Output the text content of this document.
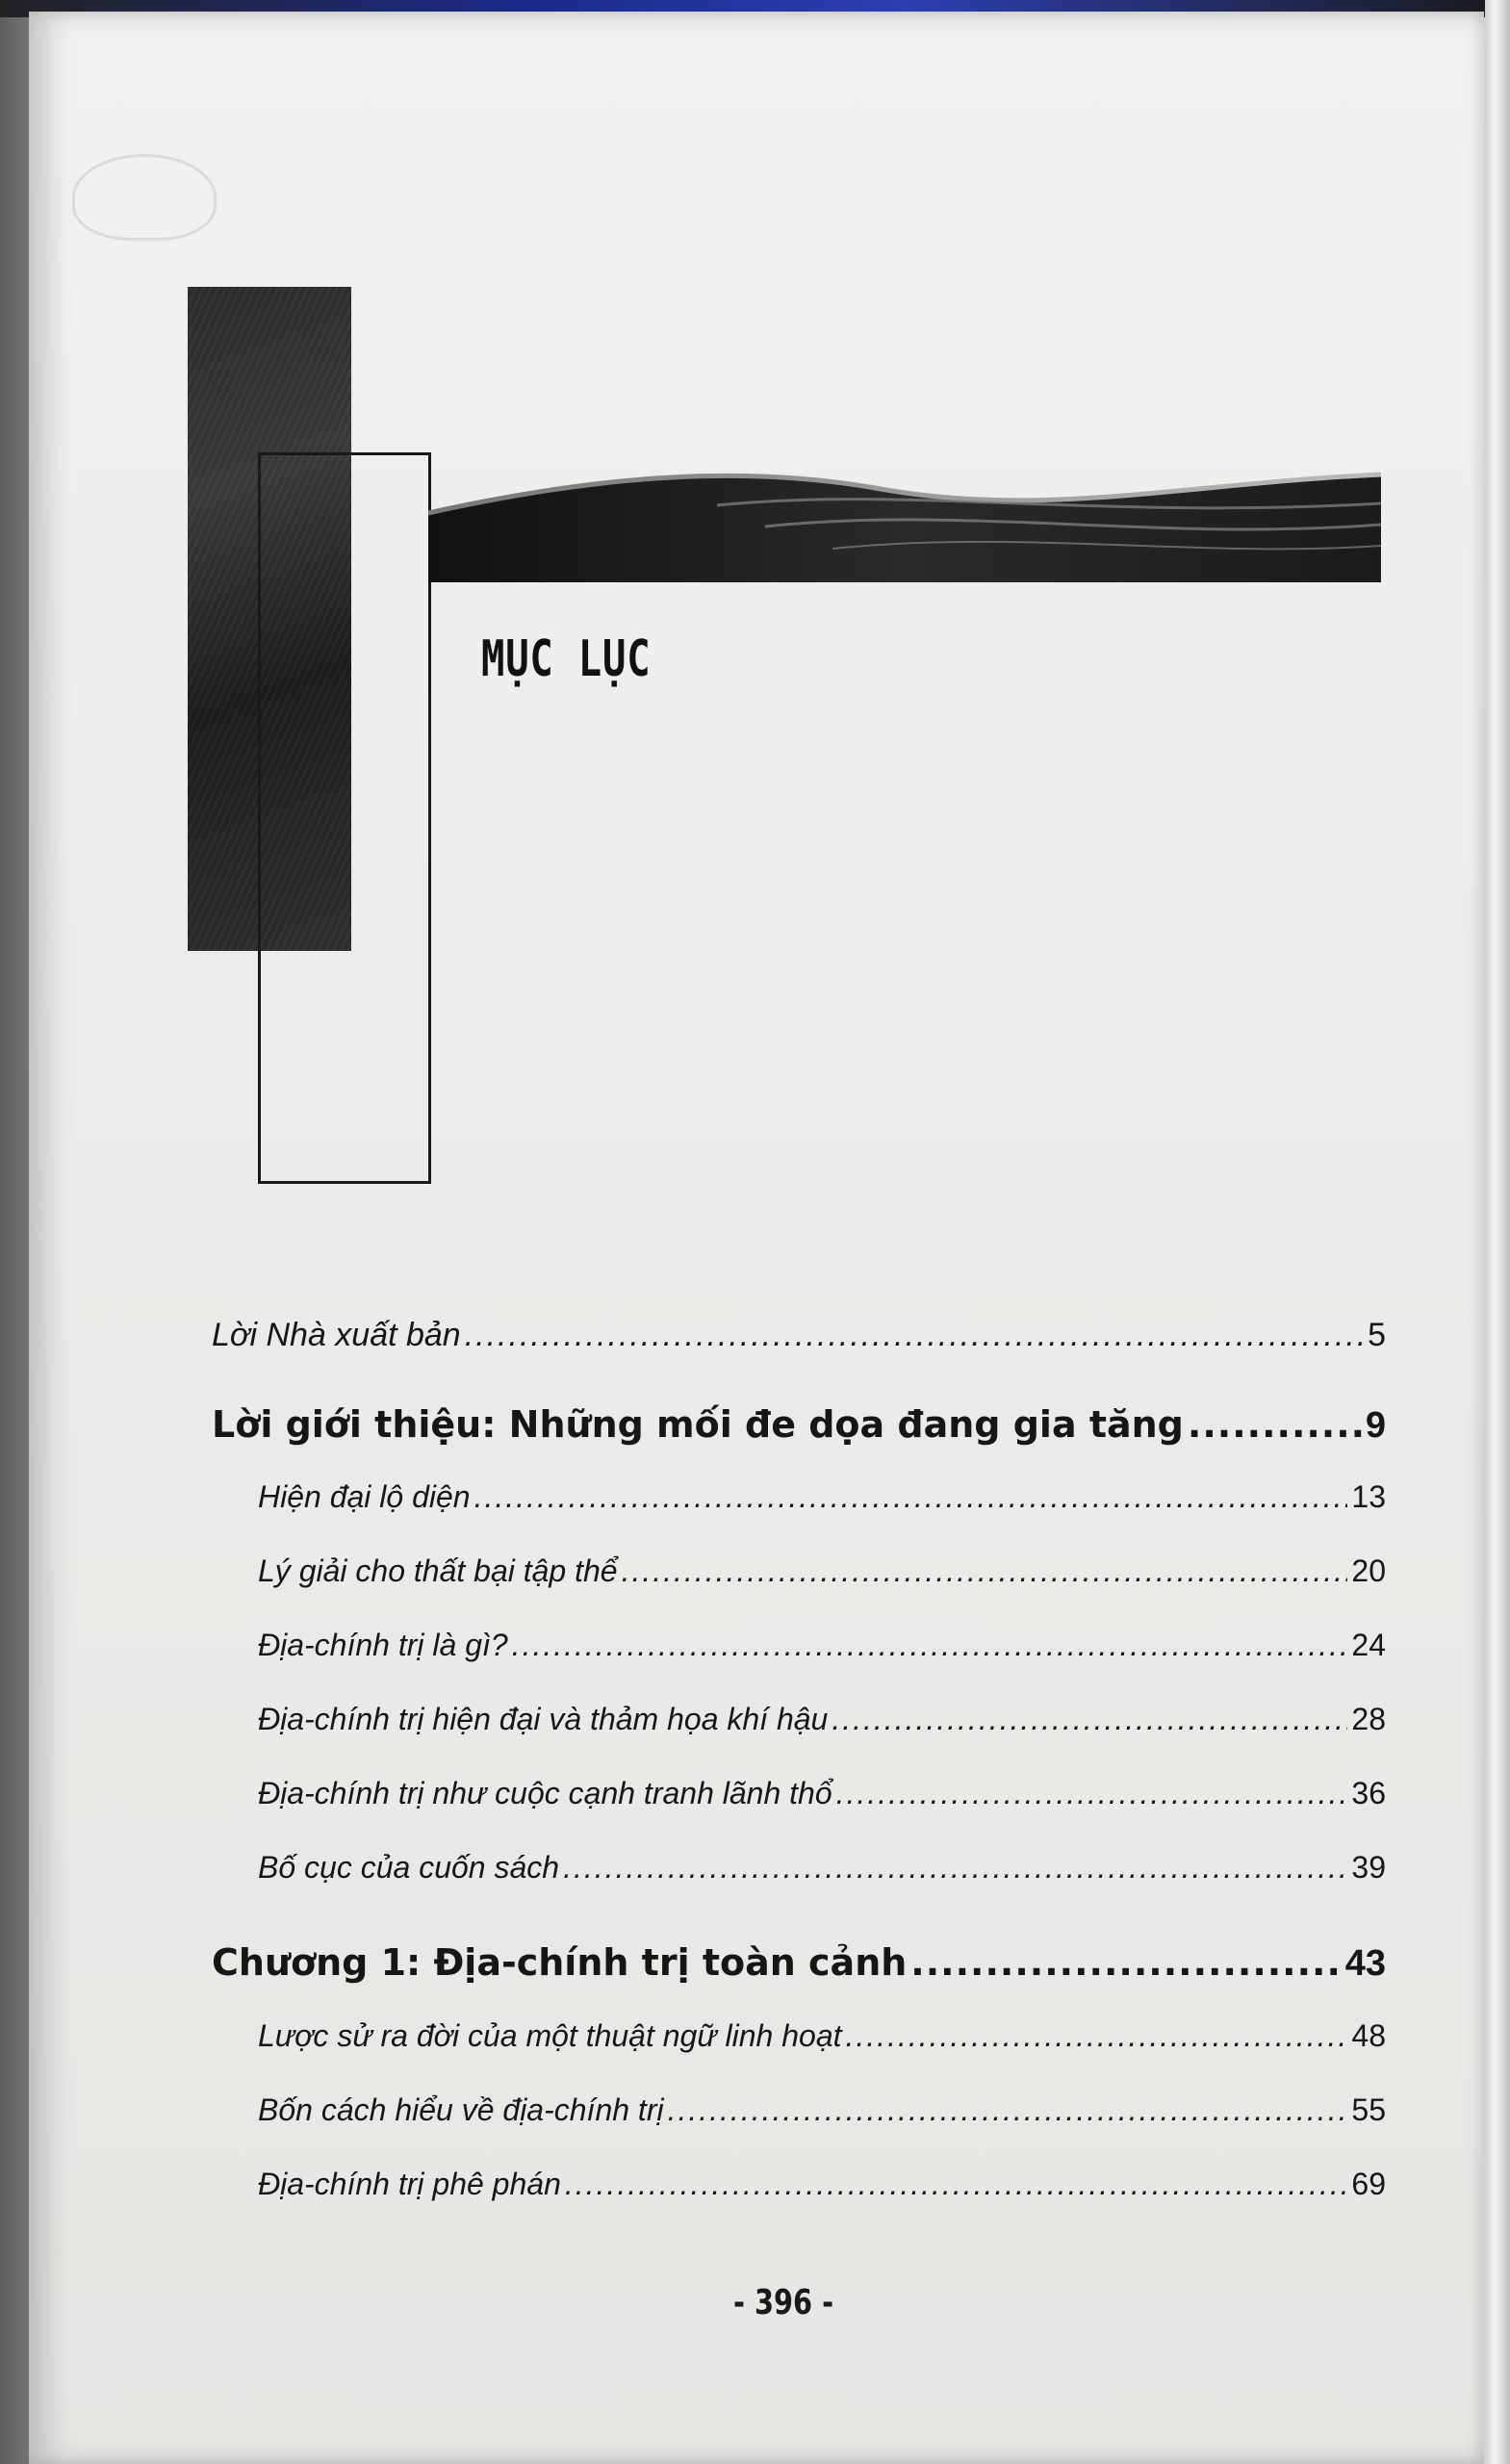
MỤC LỤC
Lời Nhà xuất bản .....	5
Lời giới thiệu: Những mối đe dọa đang gia tăng .....	9
Hiện đại lộ diện .....	13
Lý giải cho thất bại tập thể .....	20
Địa-chính trị là gì? .....	24
Địa-chính trị hiện đại và thảm họa khí hậu .....	28
Địa-chính trị như cuộc cạnh tranh lãnh thổ .....	36
Bố cục của cuốn sách .....	39
Chương 1: Địa-chính trị toàn cảnh .....	43
Lược sử ra đời của một thuật ngữ linh hoạt .....	48
Bốn cách hiểu về địa-chính trị .....	55
Địa-chính trị phê phán .....	69
- 396 -
